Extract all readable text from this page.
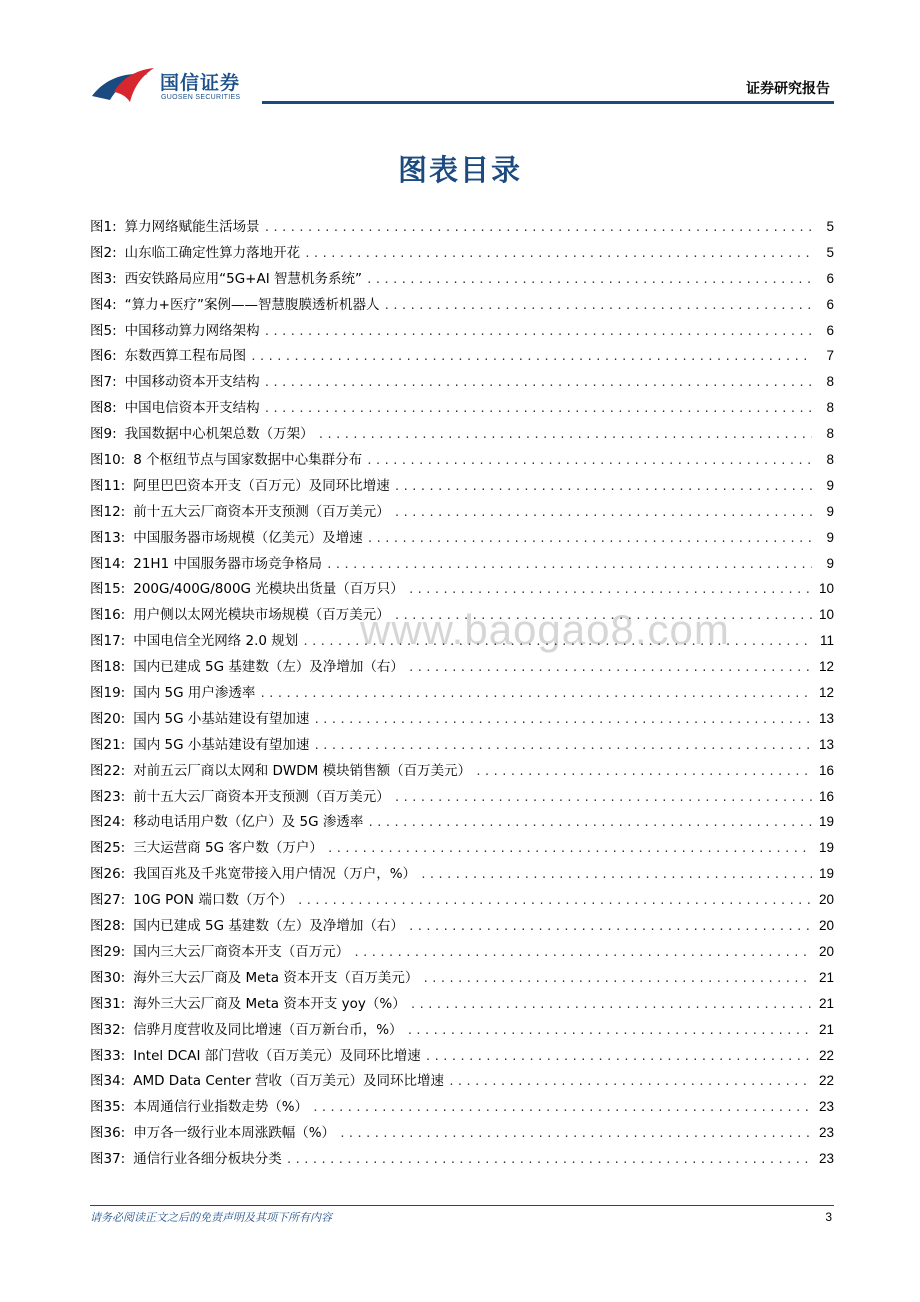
国信证券
GUOSEN SECURITIES
证券研究报告
图表目录
www.baogao8.com
图1: 算力网络赋能生活场景 .....	5
图2: 山东临工确定性算力落地开花 .....	5
图3: 西安铁路局应用“5G+AI 智慧机务系统” .....	6
图4: “算力+医疗”案例——智慧腹膜透析机器人 .....	6
图5: 中国移动算力网络架构 .....	6
图6: 东数西算工程布局图 .....	7
图7: 中国移动资本开支结构 .....	8
图8: 中国电信资本开支结构 .....	8
图9: 我国数据中心机架总数（万架） .....	8
图10: 8 个枢纽节点与国家数据中心集群分布 .....	8
图11: 阿里巴巴资本开支（百万元）及同环比增速 .....	9
图12: 前十五大云厂商资本开支预测（百万美元） .....	9
图13: 中国服务器市场规模（亿美元）及增速 .....	9
图14: 21H1 中国服务器市场竞争格局 .....	9
图15: 200G/400G/800G 光模块出货量（百万只） .....	10
图16: 用户侧以太网光模块市场规模（百万美元） .....	10
图17: 中国电信全光网络 2.0 规划 .....	11
图18: 国内已建成 5G 基建数（左）及净增加（右） .....	12
图19: 国内 5G 用户渗透率 .....	12
图20: 国内 5G 小基站建设有望加速 .....	13
图21: 国内 5G 小基站建设有望加速 .....	13
图22: 对前五云厂商以太网和 DWDM 模块销售额（百万美元） .....	16
图23: 前十五大云厂商资本开支预测（百万美元） .....	16
图24: 移动电话用户数（亿户）及 5G 渗透率 .....	19
图25: 三大运营商 5G 客户数（万户） .....	19
图26: 我国百兆及千兆宽带接入用户情况（万户，%） .....	19
图27: 10G PON 端口数（万个） .....	20
图28: 国内已建成 5G 基建数（左）及净增加（右） .....	20
图29: 国内三大云厂商资本开支（百万元） .....	20
图30: 海外三大云厂商及 Meta 资本开支（百万美元） .....	21
图31: 海外三大云厂商及 Meta 资本开支 yoy（%） .....	21
图32: 信骅月度营收及同比增速（百万新台币，%） .....	21
图33: Intel DCAI 部门营收（百万美元）及同环比增速 .....	22
图34: AMD Data Center 营收（百万美元）及同环比增速 .....	22
图35: 本周通信行业指数走势（%） .....	23
图36: 申万各一级行业本周涨跌幅（%） .....	23
图37: 通信行业各细分板块分类 .....	23
请务必阅读正文之后的免责声明及其项下所有内容	3
